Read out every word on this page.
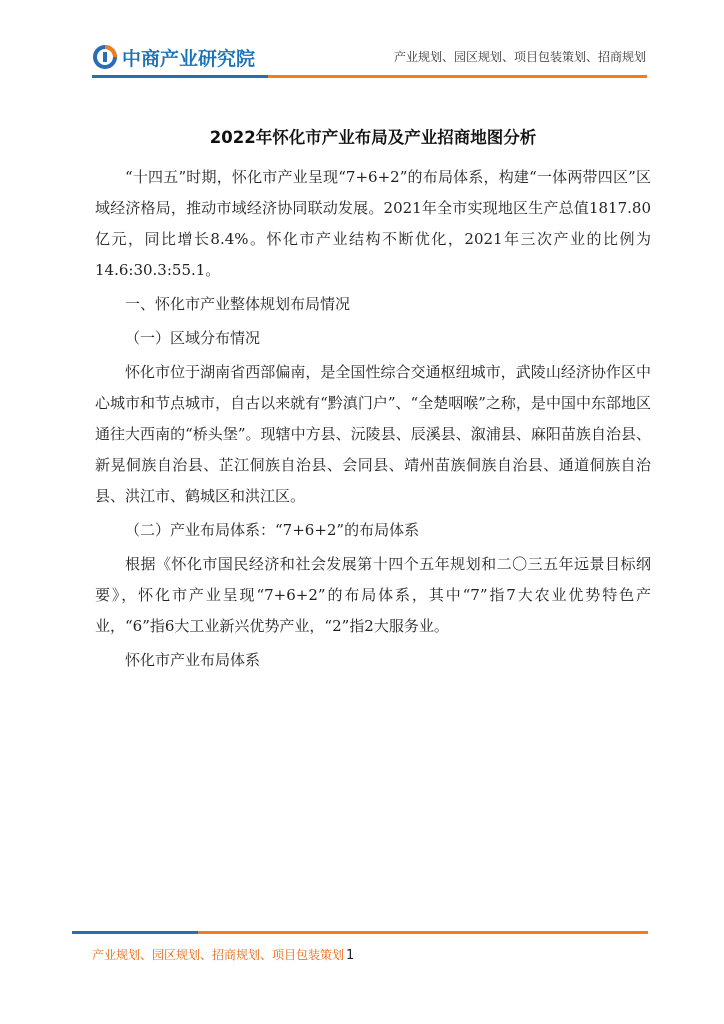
中商产业研究院	产业规划、园区规划、项目包装策划、招商规划
2022年怀化市产业布局及产业招商地图分析

“十四五”时期，怀化市产业呈现“7+6+2”的布局体系，构建“一体两带四区”区域经济格局，推动市域经济协同联动发展。2021年全市实现地区生产总值1817.80亿元，同比增长8.4%。怀化市产业结构不断优化，2021年三次产业的比例为14.6:30.3:55.1。

一、怀化市产业整体规划布局情况

（一）区域分布情况

怀化市位于湖南省西部偏南，是全国性综合交通枢纽城市，武陵山经济协作区中心城市和节点城市，自古以来就有“黔滇门户”、“全楚咽喉”之称，是中国中东部地区通往大西南的“桥头堡”。现辖中方县、沅陵县、辰溪县、溆浦县、麻阳苗族自治县、新晃侗族自治县、芷江侗族自治县、会同县、靖州苗族侗族自治县、通道侗族自治县、洪江市、鹤城区和洪江区。

（二）产业布局体系：“7+6+2”的布局体系

根据《怀化市国民经济和社会发展第十四个五年规划和二〇三五年远景目标纲要》，怀化市产业呈现“7+6+2”的布局体系，其中“7”指7大农业优势特色产业，“6”指6大工业新兴优势产业，“2”指2大服务业。

怀化市产业布局体系

产业规划、园区规划、招商规划、项目包装策划 1
